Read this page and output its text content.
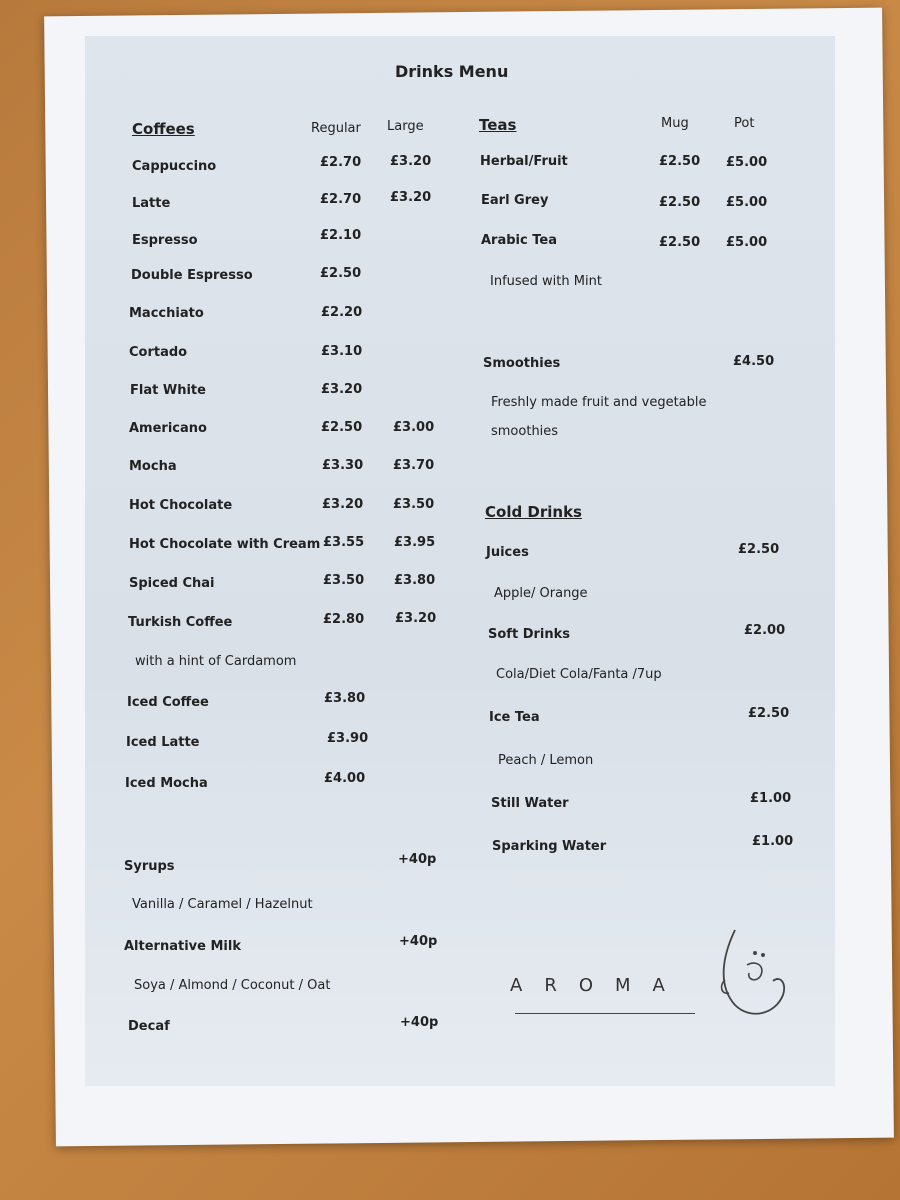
Drinks Menu
Coffees	Regular Large
Cappuccino	£2.70 £3.20
Latte	£2.70 £3.20
Espresso	£2.10
Double Espresso	£2.50
Macchiato	£2.20
Cortado	£3.10
Flat White	£3.20
Americano	£2.50 £3.00
Mocha	£3.30 £3.70
Hot Chocolate	£3.20 £3.50
Hot Chocolate with Cream £3.55 £3.95
Spiced Chai	£3.50 £3.80
Turkish Coffee	£2.80 £3.20
with a hint of Cardamom
Iced Coffee	£3.80
Iced Latte	£3.90
Iced Mocha	£4.00
Syrups	+40p
Vanilla / Caramel / Hazelnut
Alternative Milk	+40p
Soya / Almond / Coconut / Oat
Decaf	+40p
Teas	Mug	Pot
Herbal/Fruit	£2.50 £5.00
Earl Grey	£2.50 £5.00
Arabic Tea	£2.50 £5.00
Infused with Mint
Smoothies	£4.50
Freshly made fruit and vegetable
smoothies
Cold Drinks
Juices	£2.50
Apple/ Orange
Soft Drinks	£2.00
Cola/Diet Cola/Fanta /7up
Ice Tea	£2.50
Peach / Lemon
Still Water	£1.00
Sparking Water	£1.00
AROMA
